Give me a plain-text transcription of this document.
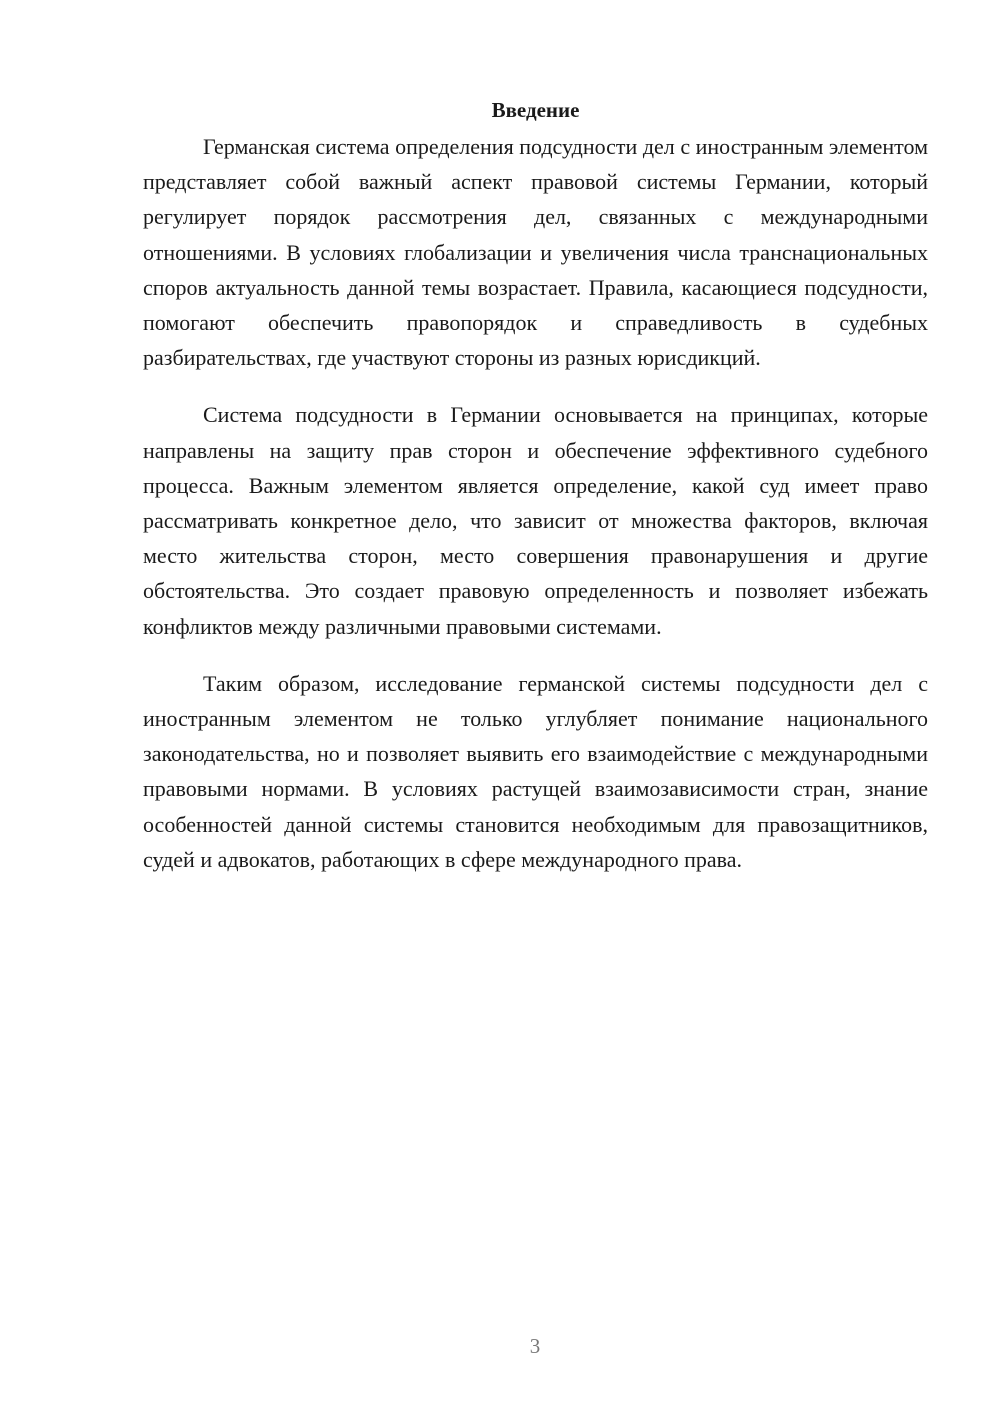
Введение

Германская система определения подсудности дел с иностранным элементом представляет собой важный аспект правовой системы Германии, который регулирует порядок рассмотрения дел, связанных с международными отношениями. В условиях глобализации и увеличения числа транснациональных споров актуальность данной темы возрастает. Правила, касающиеся подсудности, помогают обеспечить правопорядок и справедливость в судебных разбирательствах, где участвуют стороны из разных юрисдикций.

Система подсудности в Германии основывается на принципах, которые направлены на защиту прав сторон и обеспечение эффективного судебного процесса. Важным элементом является определение, какой суд имеет право рассматривать конкретное дело, что зависит от множества факторов, включая место жительства сторон, место совершения правонарушения и другие обстоятельства. Это создает правовую определенность и позволяет избежать конфликтов между различными правовыми системами.

Таким образом, исследование германской системы подсудности дел с иностранным элементом не только углубляет понимание национального законодательства, но и позволяет выявить его взаимодействие с международными правовыми нормами. В условиях растущей взаимозависимости стран, знание особенностей данной системы становится необходимым для правозащитников, судей и адвокатов, работающих в сфере международного права.

3
